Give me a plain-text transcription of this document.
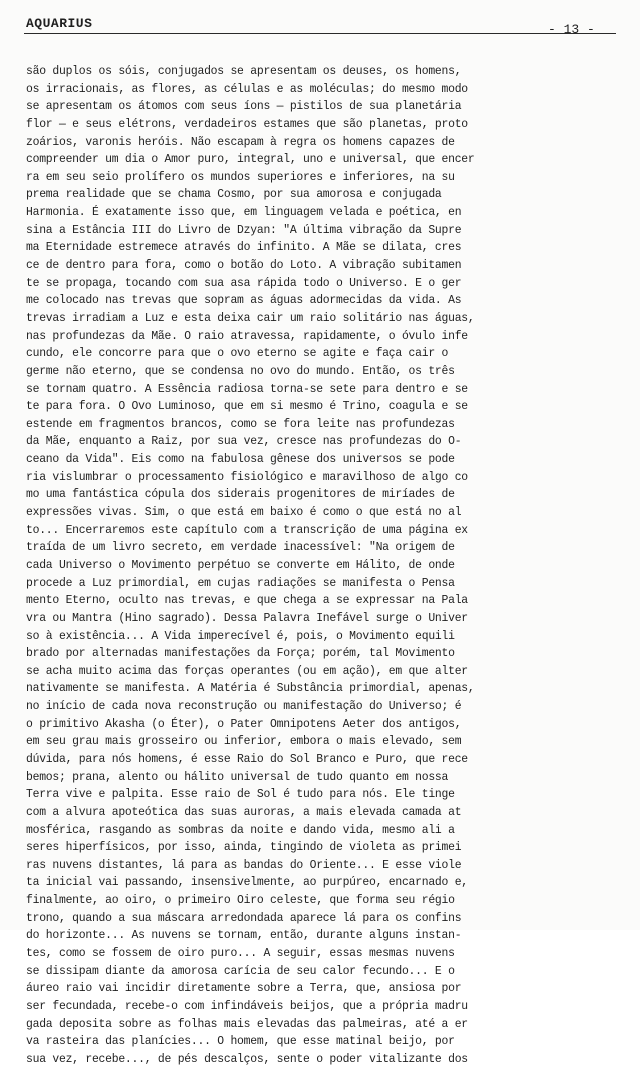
AQUARIUS	- 13 -
são duplos os sóis, conjugados se apresentam os deuses, os homens,
os irracionais, as flores, as células e as moléculas; do mesmo modo
se apresentam os átomos com seus íons — pistilos de sua planetária
flor — e seus elétrons, verdadeiros estames que são planetas, proto
zoários, varonis heróis. Não escapam à regra os homens capazes de
compreender um dia o Amor puro, integral, uno e universal, que encer
ra em seu seio prolífero os mundos superiores e inferiores, na su
prema realidade que se chama Cosmo, por sua amorosa e conjugada
Harmonia. É exatamente isso que, em linguagem velada e poética, en
sina a Estância III do Livro de Dzyan: "A última vibração da Supre
ma Eternidade estremece através do infinito. A Mãe se dilata, cres
ce de dentro para fora, como o botão do Loto. A vibração subitamen
te se propaga, tocando com sua asa rápida todo o Universo. E o ger
me colocado nas trevas que sopram as águas adormecidas da vida. As
trevas irradiam a Luz e esta deixa cair um raio solitário nas águas,
nas profundezas da Mãe. O raio atravessa, rapidamente, o óvulo infe
cundo, ele concorre para que o ovo eterno se agite e faça cair o
germe não eterno, que se condensa no ovo do mundo. Então, os três
se tornam quatro. A Essência radiosa torna-se sete para dentro e se
te para fora. O Ovo Luminoso, que em si mesmo é Trino, coagula e se
estende em fragmentos brancos, como se fora leite nas profundezas
da Mãe, enquanto a Raiz, por sua vez, cresce nas profundezas do O-
ceano da Vida". Eis como na fabulosa gênese dos universos se pode
ria vislumbrar o processamento fisiológico e maravilhoso de algo co
mo uma fantástica cópula dos siderais progenitores de miríades de
expressões vivas. Sim, o que está em baixo é como o que está no al
to... Encerraremos este capítulo com a transcrição de uma página ex
traída de um livro secreto, em verdade inacessível: "Na origem de
cada Universo o Movimento perpétuo se converte em Hálito, de onde
procede a Luz primordial, em cujas radiações se manifesta o Pensa
mento Eterno, oculto nas trevas, e que chega a se expressar na Pala
vra ou Mantra (Hino sagrado). Dessa Palavra Inefável surge o Univer
so à existência... A Vida imperecível é, pois, o Movimento equili
brado por alternadas manifestações da Força; porém, tal Movimento
se acha muito acima das forças operantes (ou em ação), em que alter
nativamente se manifesta. A Matéria é Substância primordial, apenas,
no início de cada nova reconstrução ou manifestação do Universo; é
o primitivo Akasha (o Éter), o Pater Omnipotens Aeter dos antigos,
em seu grau mais grosseiro ou inferior, embora o mais elevado, sem
dúvida, para nós homens, é esse Raio do Sol Branco e Puro, que rece
bemos; prana, alento ou hálito universal de tudo quanto em nossa
Terra vive e palpita. Esse raio de Sol é tudo para nós. Ele tinge
com a alvura apoteótica das suas auroras, a mais elevada camada at
mosférica, rasgando as sombras da noite e dando vida, mesmo ali a
seres hiperfísicos, por isso, ainda, tingindo de violeta as primei
ras nuvens distantes, lá para as bandas do Oriente... E esse viole
ta inicial vai passando, insensivelmente, ao purpúreo, encarnado e,
finalmente, ao oiro, o primeiro Oiro celeste, que forma seu régio
trono, quando a sua máscara arredondada aparece lá para os confins
do horizonte... As nuvens se tornam, então, durante alguns instan-
tes, como se fossem de oiro puro... A seguir, essas mesmas nuvens
se dissipam diante da amorosa carícia de seu calor fecundo... E o
áureo raio vai incidir diretamente sobre a Terra, que, ansiosa por
ser fecundada, recebe-o com infindáveis beijos, que a própria madru
gada deposita sobre as folhas mais elevadas das palmeiras, até a er
va rasteira das planícies... O homem, que esse matinal beijo, por
sua vez, recebe..., de pés descalços, sente o poder vitalizante dos
